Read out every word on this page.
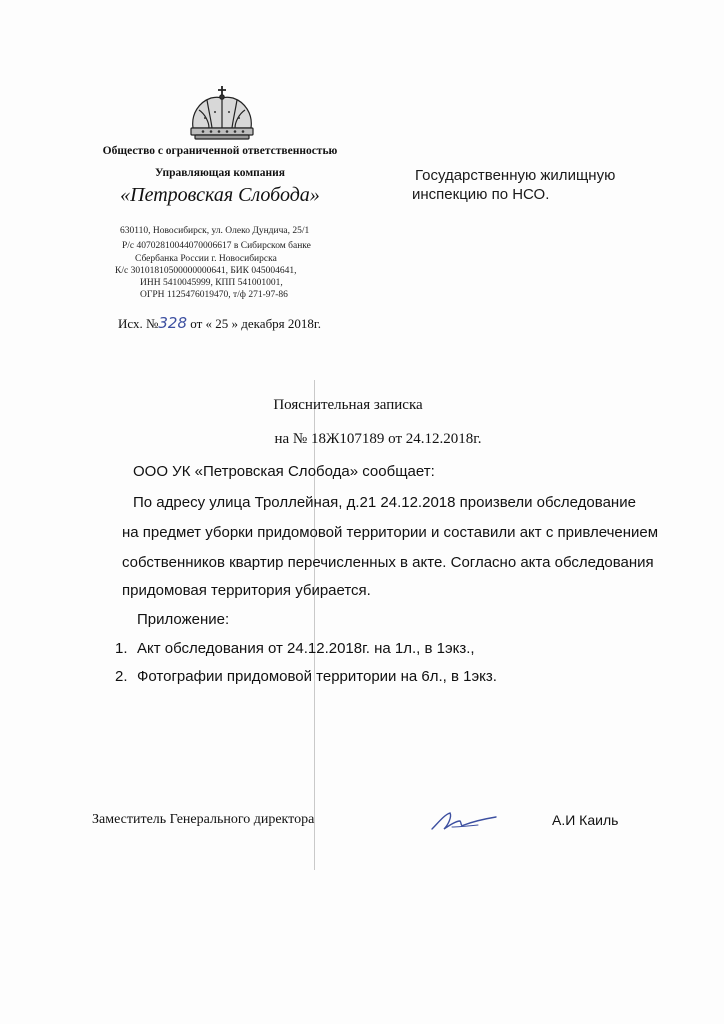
Общество с ограниченной ответственностью
Управляющая компания
«Петровская Слобода»
630110, Новосибирск, ул. Олеко Дундича, 25/1
Р/с 40702810044070006617 в Сибирском банке
Сбербанка России г. Новосибирска
К/с 30101810500000000641, БИК 045004641,
ИНН 5410045999, КПП 541001001,
ОГРН 1125476019470, т/ф 271-97-86
Исх. №328 от « 25 » декабря 2018г.
Государственную жилищную
инспекцию по НСО.
Пояснительная записка
на № 18Ж107189 от 24.12.2018г.
ООО УК «Петровская Слобода» сообщает:
По адресу улица Троллейная, д.21 24.12.2018 произвели обследование
на предмет уборки придомовой территории и составили акт с привлечением
собственников квартир перечисленных в акте. Согласно акта обследования
придомовая территория убирается.
Приложение:
1. Акт обследования от 24.12.2018г. на 1л., в 1экз.,
2. Фотографии придомовой территории на 6л., в 1экз.
Заместитель Генерального директора	А.И Каиль
